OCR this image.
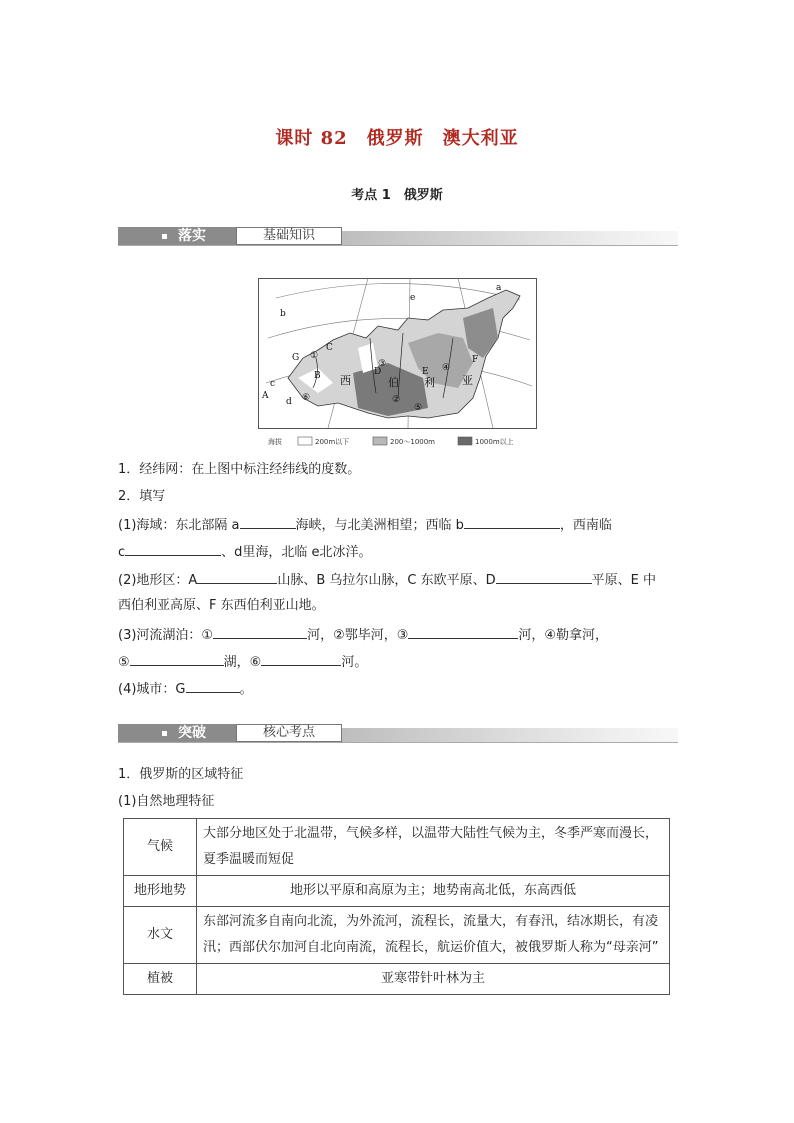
课时 82　俄罗斯　澳大利亚
考点 1　俄罗斯
落实	基础知识
a
b
c
d
e
A
B
C
D	E
F
G ①
②
③	④
⑤
⑥
西	伯 利 亚
海拔	200m以下	200～1000m	1000m以上
1．经纬网：在上图中标注经纬线的度数。
2．填写
(1)海域：东北部隔 a	海峡，与北美洲相望；西临 b	，西南临
c	、d里海，北临 e北冰洋。
(2)地形区：A	山脉、B 乌拉尔山脉，C 东欧平原、D	平原、E 中
西伯利亚高原、F 东西伯利亚山地。
(3)河流湖泊：①	河，②鄂毕河，③	河，④勒拿河，
⑤	湖，⑥	河。
(4)城市：G	。
突破	核心考点
1．俄罗斯的区域特征
(1)自然地理特征
气候	大部分地区处于北温带，气候多样，以温带大陆性气候为主，冬季严寒而漫长，夏季温暖而短促
地形地势	地形以平原和高原为主；地势南高北低，东高西低
水文	东部河流多自南向北流，为外流河，流程长，流量大，有春汛，结冰期长，有凌汛；西部伏尔加河自北向南流，流程长，航运价值大，被俄罗斯人称为“母亲河”
植被	亚寒带针叶林为主
